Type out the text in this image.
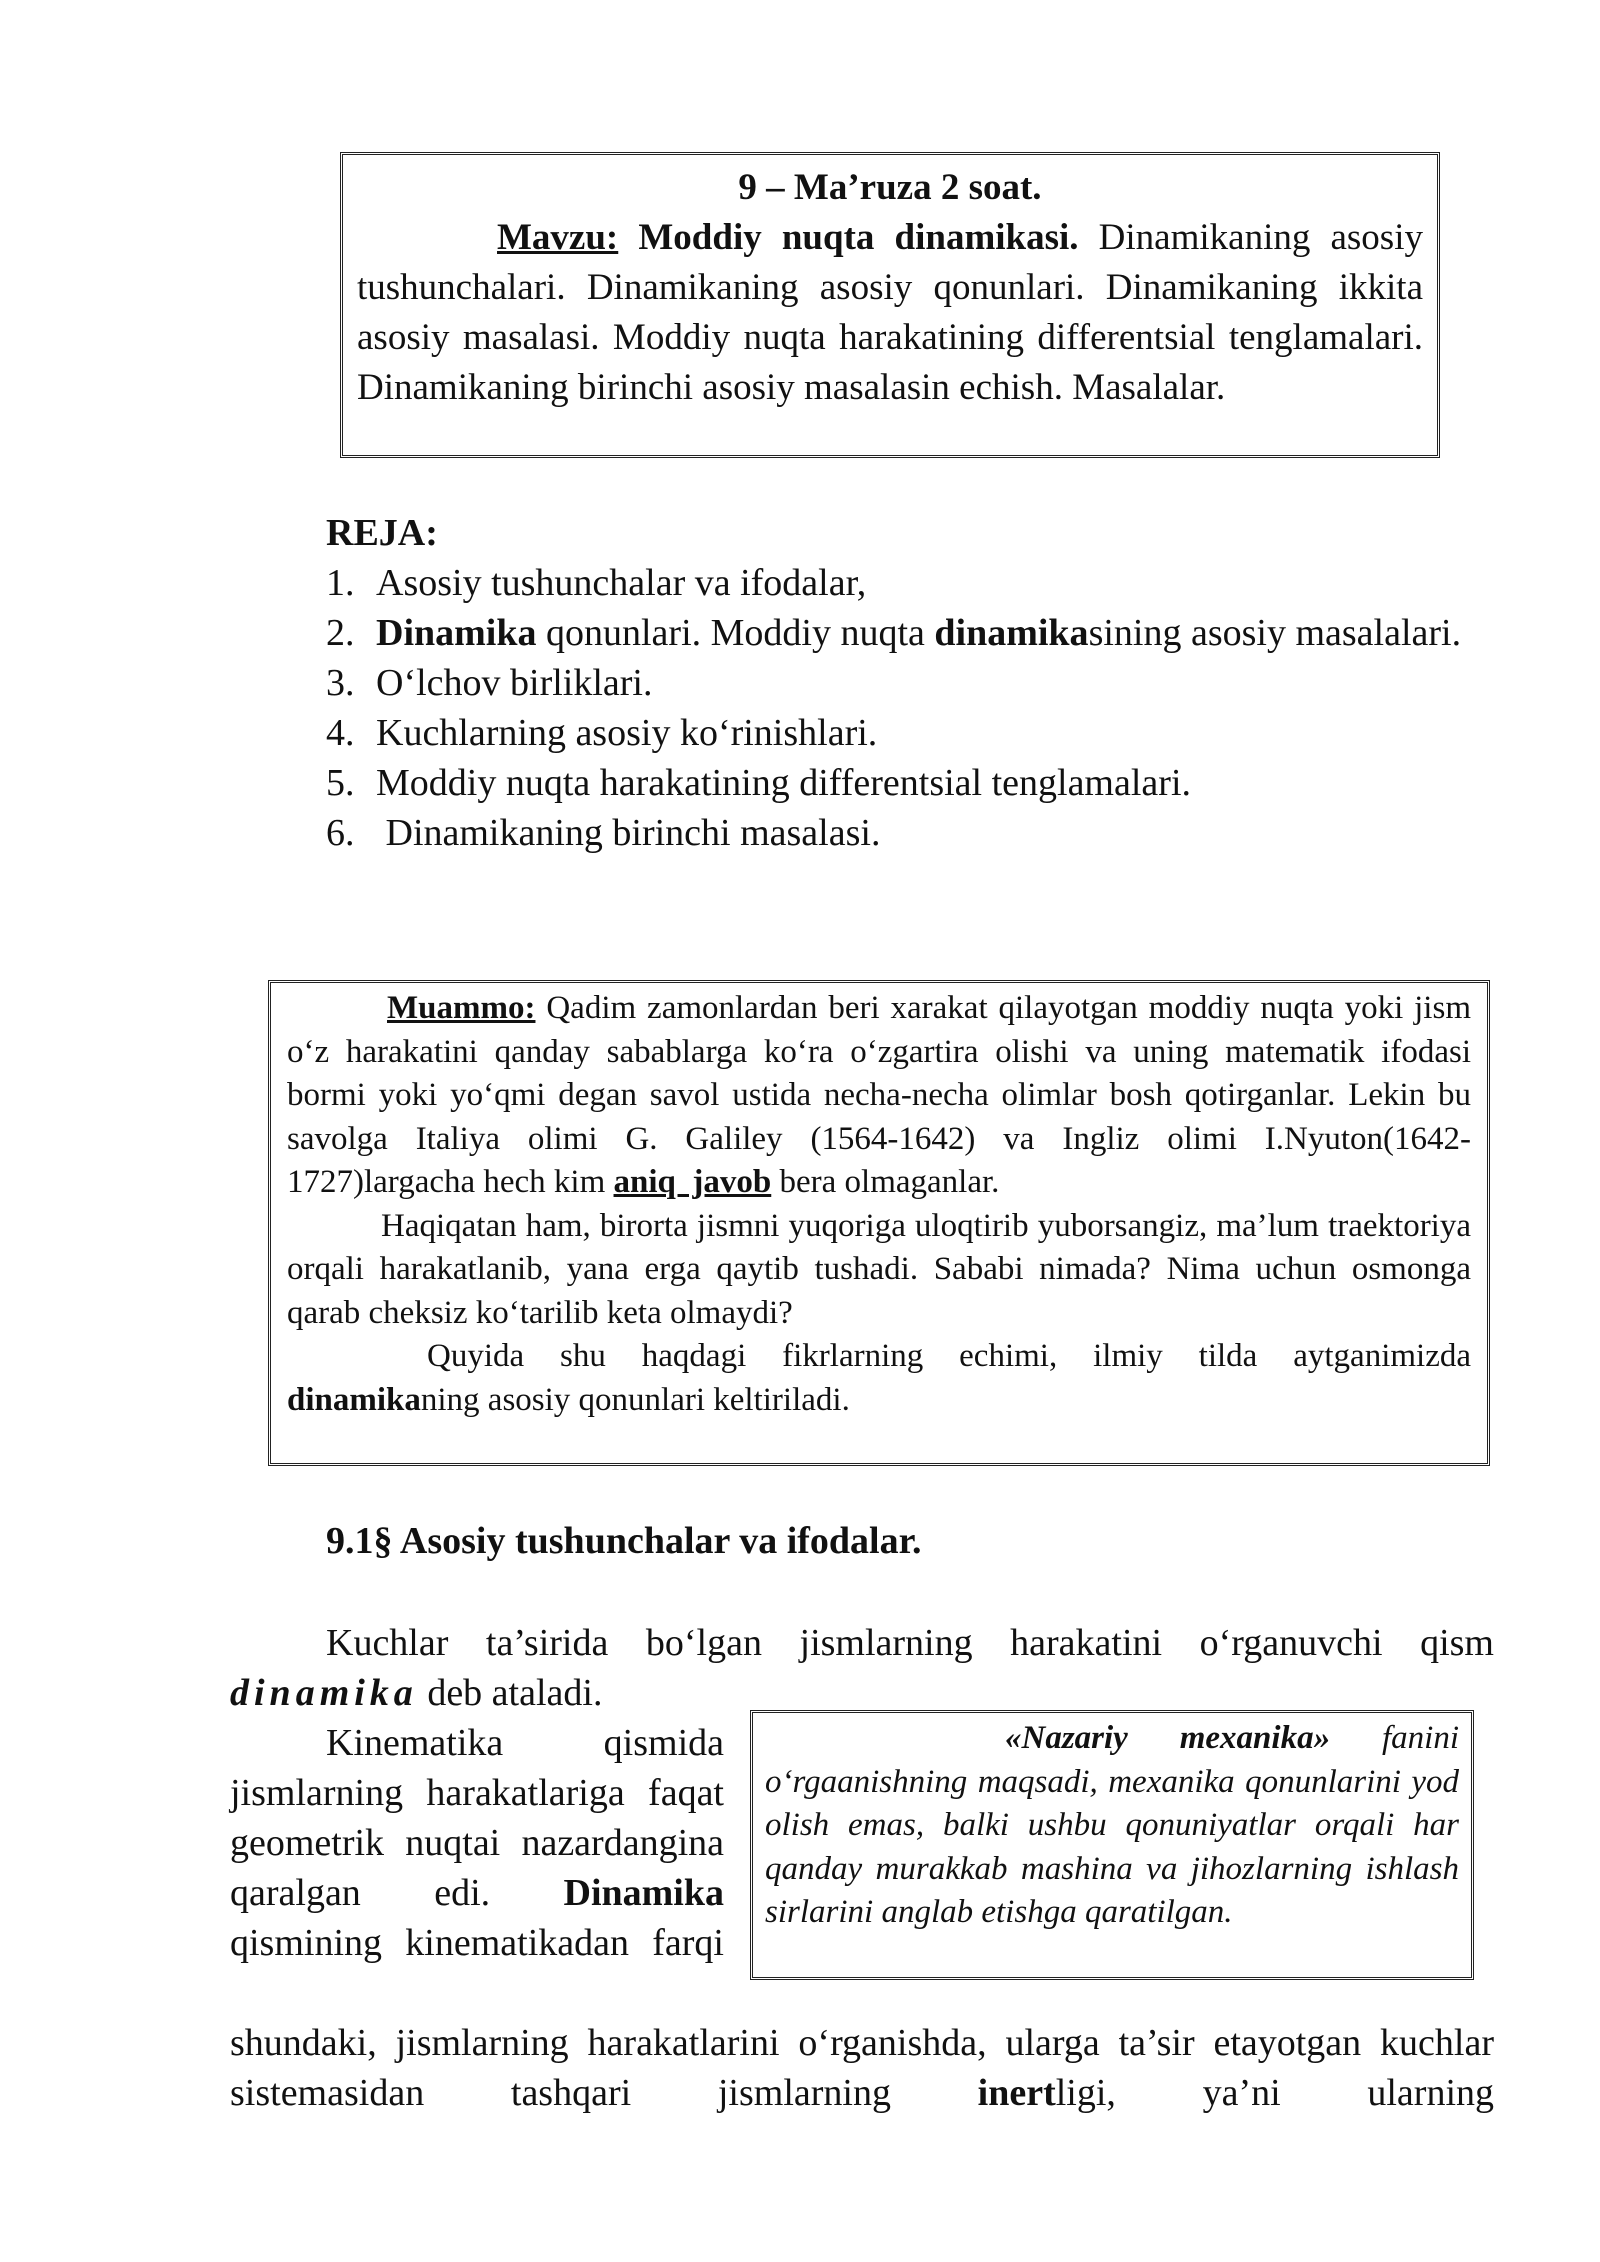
9 – Ma’ruza 2 soat.
Mavzu: Moddiy nuqta dinamikasi. Dinamikaning asosiy tushunchalari. Dinamikaning asosiy qonunlari. Dinamikaning ikkita asosiy masalasi. Moddiy nuqta harakatining differentsial tenglamalari. Dinamikaning birinchi asosiy masalasin echish. Masalalar.
REJA:
1. Asosiy tushunchalar va ifodalar,
2. Dinamika qonunlari. Moddiy nuqta dinamikasining asosiy masalalari.
3. O‘lchov birliklari.
4. Kuchlarning asosiy ko‘rinishlari.
5. Moddiy nuqta harakatining differentsial tenglamalari.
6. Dinamikaning birinchi masalasi.

Muammo: Qadim zamonlardan beri xarakat qilayotgan moddiy nuqta yoki jism o‘z harakatini qanday sabablarga ko‘ra o‘zgartira olishi va uning matematik ifodasi bormi yoki yo‘qmi degan savol ustida necha-necha olimlar bosh qotirganlar. Lekin bu savolga Italiya olimi G. Galiley (1564-1642) va Ingliz olimi I.Nyuton(1642-1727)largacha hech kim aniq  javob bera olmaganlar.

Haqiqatan ham, birorta jismni yuqoriga uloqtirib yuborsangiz, ma’lum traektoriya orqali harakatlanib, yana erga qaytib tushadi. Sababi nimada? Nima uchun osmonga qarab cheksiz ko‘tarilib keta olmaydi?

Quyida shu haqdagi fikrlarning echimi, ilmiy tilda aytganimizda dinamikaning asosiy qonunlari keltiriladi.

9.1§ Asosiy tushunchalar va ifodalar.
Kuchlar ta’sirida bo‘lgan jismlarning harakatini o‘rganuvchi qism dinamika deb ataladi.
Kinematika qismida jismlarning harakatlariga faqat geometrik nuqtai nazardangina qaralgan edi. Dinamika qismining kinematikadan farqi
«Nazariy mexanika» fanini o‘rgaanishning maqsadi, mexanika qonunlarini yod olish emas, balki ushbu qonuniyatlar orqali har qanday murakkab mashina va jihozlarning ishlash sirlarini anglab etishga qaratilgan.
shundaki, jismlarning harakatlarini o‘rganishda, ularga ta’sir etayotgan kuchlar sistemasidan tashqari jismlarning inertligi, ya’ni ularning
